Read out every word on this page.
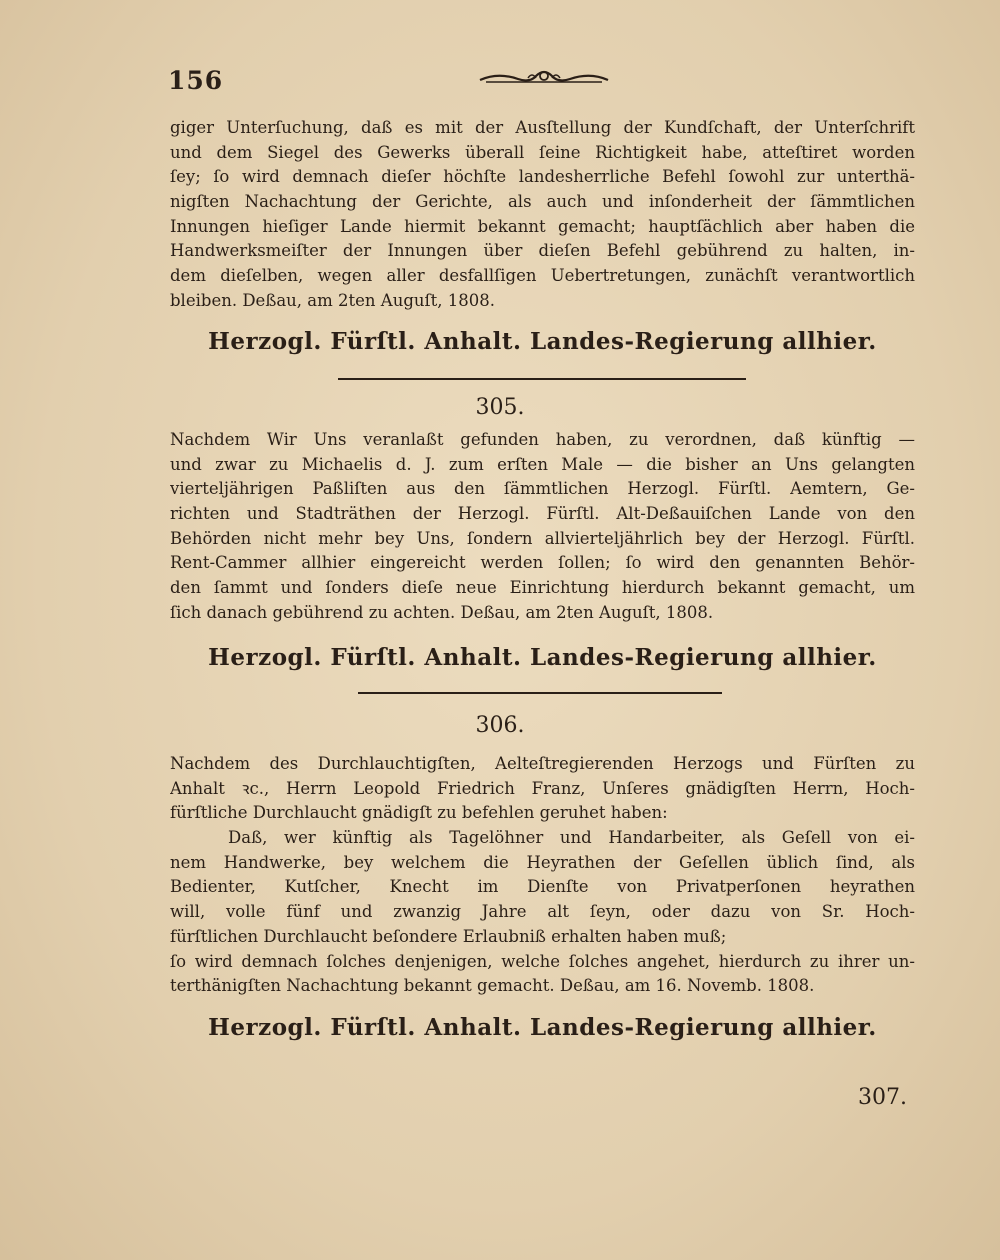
156
giger Unterſuchung, daß es mit der Ausſtellung der Kundſchaft, der Unterſchrift
und dem Siegel des Gewerks überall ſeine Richtigkeit habe, atteſtiret worden
ſey; ſo wird demnach dieſer höchſte landesherrliche Befehl ſowohl zur unterthä-
nigſten Nachachtung der Gerichte, als auch und inſonderheit der ſämmtlichen
Innungen hieſiger Lande hiermit bekannt gemacht; hauptſächlich aber haben die
Handwerksmeiſter der Innungen über dieſen Befehl gebührend zu halten, in-
dem dieſelben, wegen aller desfallſigen Uebertretungen, zunächſt verantwortlich
bleiben. Deßau, am 2ten Auguſt, 1808.
Herzogl. Fürſtl. Anhalt. Landes-Regierung allhier.
305.
Nachdem Wir Uns veranlaßt gefunden haben, zu verordnen, daß künftig —
und zwar zu Michaelis d. J. zum erſten Male — die bisher an Uns gelangten
vierteljährigen Paßliſten aus den ſämmtlichen Herzogl. Fürſtl. Aemtern, Ge-
richten und Stadträthen der Herzogl. Fürſtl. Alt-Deßauiſchen Lande von den
Behörden nicht mehr bey Uns, ſondern allvierteljährlich bey der Herzogl. Fürſtl.
Rent-Cammer allhier eingereicht werden ſollen; ſo wird den genannten Behör-
den ſammt und ſonders dieſe neue Einrichtung hierdurch bekannt gemacht, um
ſich danach gebührend zu achten. Deßau, am 2ten Auguſt, 1808.
Herzogl. Fürſtl. Anhalt. Landes-Regierung allhier.
306.
Nachdem des Durchlauchtigſten, Aelteſtregierenden Herzogs und Fürſten zu
Anhalt ꝛc., Herrn Leopold Friedrich Franz, Unſeres gnädigſten Herrn, Hoch-
fürſtliche Durchlaucht gnädigſt zu befehlen geruhet haben:
Daß, wer künftig als Tagelöhner und Handarbeiter, als Geſell von ei-
nem Handwerke, bey welchem die Heyrathen der Geſellen üblich ſind, als
Bedienter, Kutſcher, Knecht im Dienſte von Privatperſonen heyrathen
will, volle fünf und zwanzig Jahre alt ſeyn, oder dazu von Sr. Hoch-
fürſtlichen Durchlaucht beſondere Erlaubniß erhalten haben muß;
ſo wird demnach ſolches denjenigen, welche ſolches angehet, hierdurch zu ihrer un-
terthänigſten Nachachtung bekannt gemacht. Deßau, am 16. Novemb. 1808.
Herzogl. Fürſtl. Anhalt. Landes-Regierung allhier.
307.
